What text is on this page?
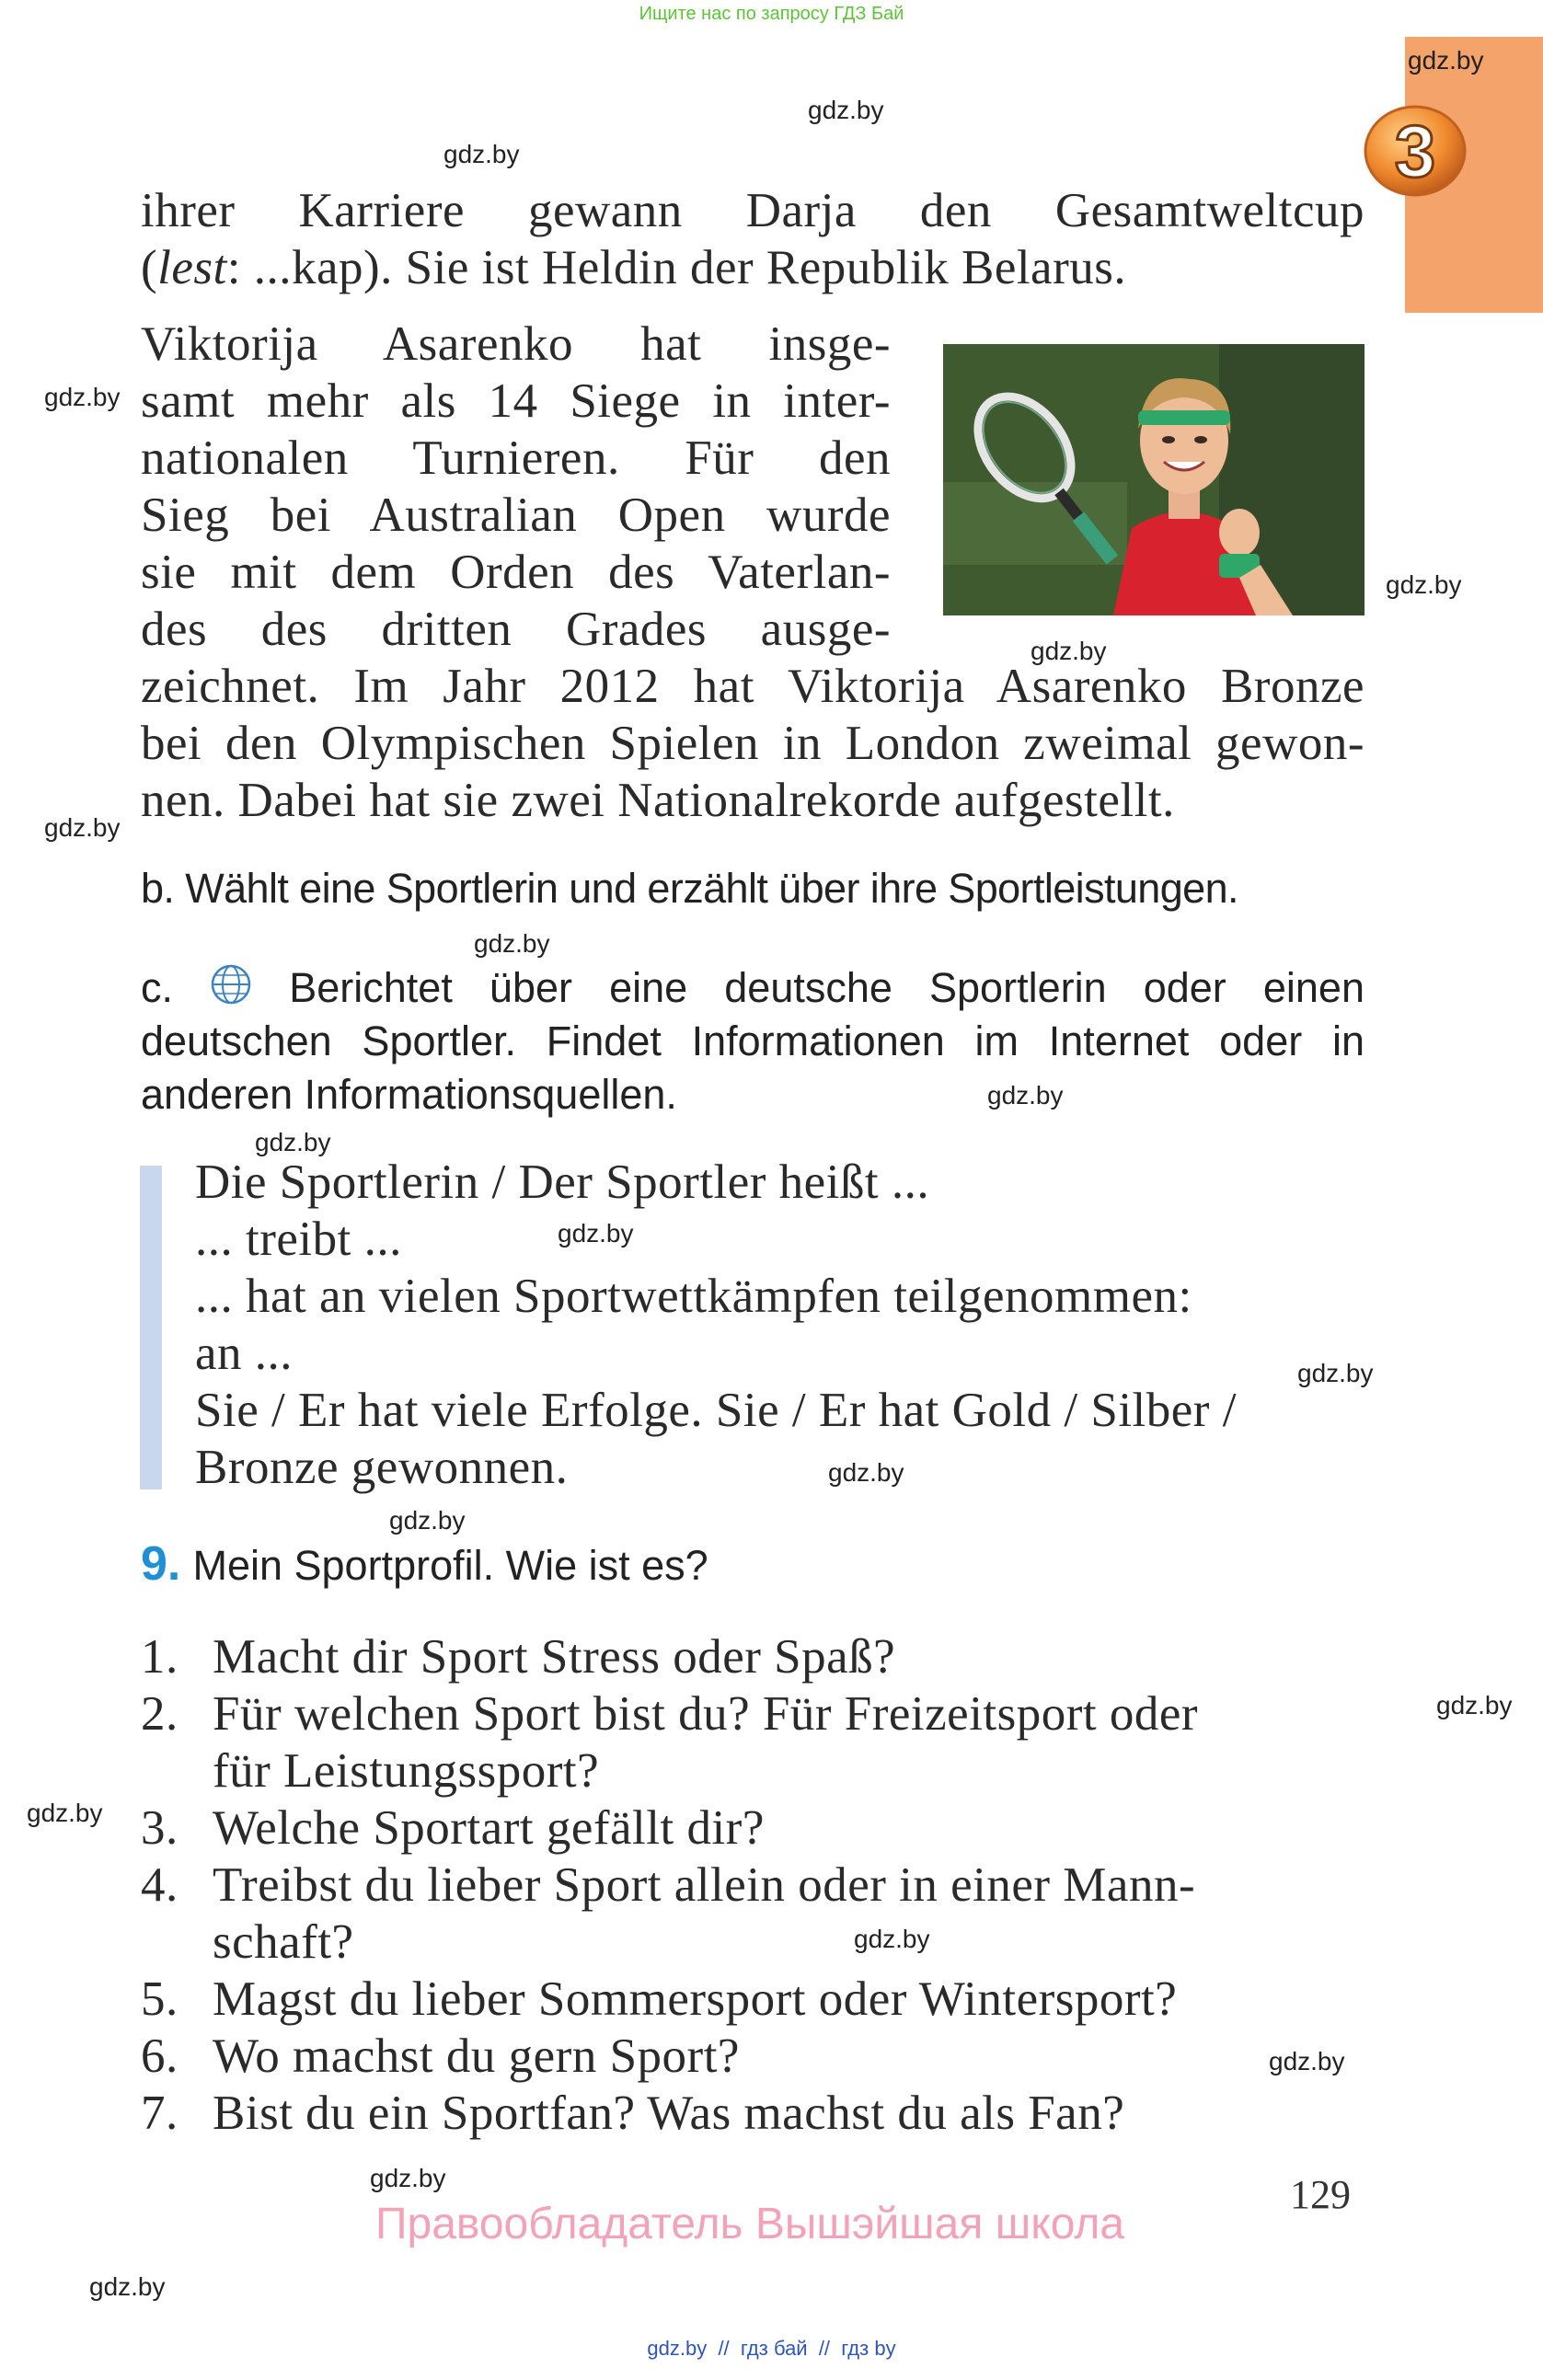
Ищите нас по запросу ГДЗ Бай
3
gdz.by
gdz.by
gdz.by
gdz.by
gdz.by
gdz.by
gdz.by
gdz.by
gdz.by
gdz.by
gdz.by
gdz.by
gdz.by
gdz.by
gdz.by
gdz.by
gdz.by
gdz.by
gdz.by
gdz.by

ihrer Karriere gewann Darja den Gesamtweltcup

(lest: ...kap). Sie ist Heldin der Republik Belarus.

Viktorija Asarenko hat insge-

samt mehr als 14 Siege in inter-

nationalen Turnieren. Für den

Sieg bei Australian Open wurde

sie mit dem Orden des Vaterlan-

des des dritten Grades ausge-

zeichnet. Im Jahr 2012 hat Viktorija Asarenko Bronze

bei den Olympischen Spielen in London zweimal gewon-

nen. Dabei hat sie zwei Nationalrekorde aufgestellt.

b. Wählt eine Sportlerin und erzählt über ihre Sportleistungen.

c.	Berichtet über eine deutsche Sportlerin oder einen

deutschen Sportler. Findet Informationen im Internet oder in

anderen Informationsquellen.

Die Sportlerin / Der Sportler heißt ...
... treibt ...
... hat an vielen Sportwettkämpfen teilgenommen:
an ...
Sie / Er hat viele Erfolge. Sie / Er hat Gold / Silber /
Bronze gewonnen.
9. Mein Sportprofil. Wie ist es?
1. Macht dir Sport Stress oder Spaß?
2. Für welchen Sport bist du? Für Freizeitsport oder
für Leistungssport?
3. Welche Sportart gefällt dir?
4. Treibst du lieber Sport allein oder in einer Mann-
schaft?
5. Magst du lieber Sommersport oder Wintersport?
6. Wo machst du gern Sport?
7. Bist du ein Sportfan? Was machst du als Fan?
129
Правообладатель Вышэйшая школа
gdz.by  //  гдз бай  //  гдз by
